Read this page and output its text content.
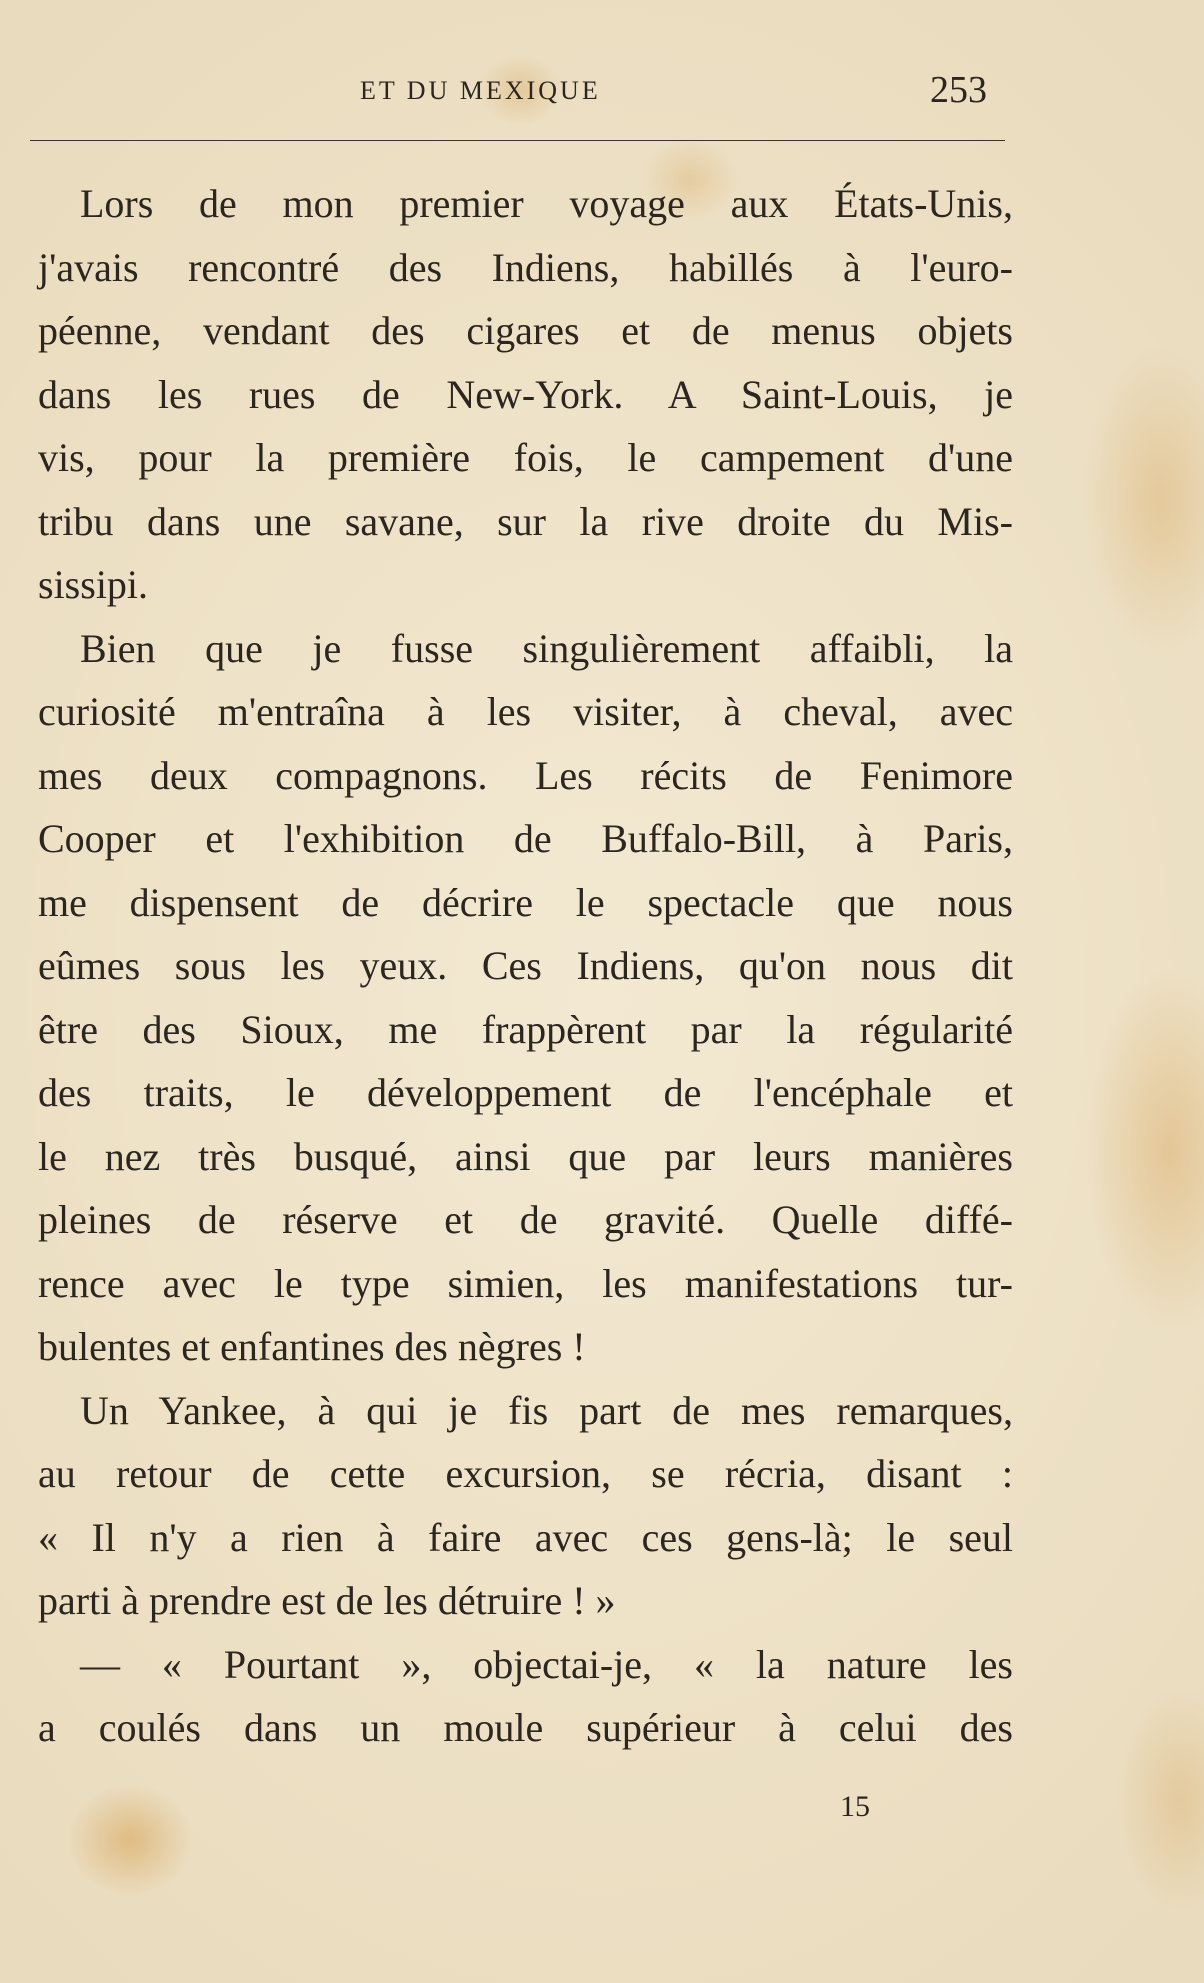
ET DU MEXIQUE	253
Lors de mon premier voyage aux États-Unis,
j'avais rencontré des Indiens, habillés à l'euro-
péenne, vendant des cigares et de menus objets
dans les rues de New-York. A Saint-Louis, je
vis, pour la première fois, le campement d'une
tribu dans une savane, sur la rive droite du Mis-
sissipi.
Bien que je fusse singulièrement affaibli, la
curiosité m'entraîna à les visiter, à cheval, avec
mes deux compagnons. Les récits de Fenimore
Cooper et l'exhibition de Buffalo-Bill, à Paris,
me dispensent de décrire le spectacle que nous
eûmes sous les yeux. Ces Indiens, qu'on nous dit
être des Sioux, me frappèrent par la régularité
des traits, le développement de l'encéphale et
le nez très busqué, ainsi que par leurs manières
pleines de réserve et de gravité. Quelle diffé-
rence avec le type simien, les manifestations tur-
bulentes et enfantines des nègres !
Un Yankee, à qui je fis part de mes remarques,
au retour de cette excursion, se récria, disant :
« Il n'y a rien à faire avec ces gens-là; le seul
parti à prendre est de les détruire ! »
— « Pourtant », objectai-je, « la nature les
a coulés dans un moule supérieur à celui des
15
